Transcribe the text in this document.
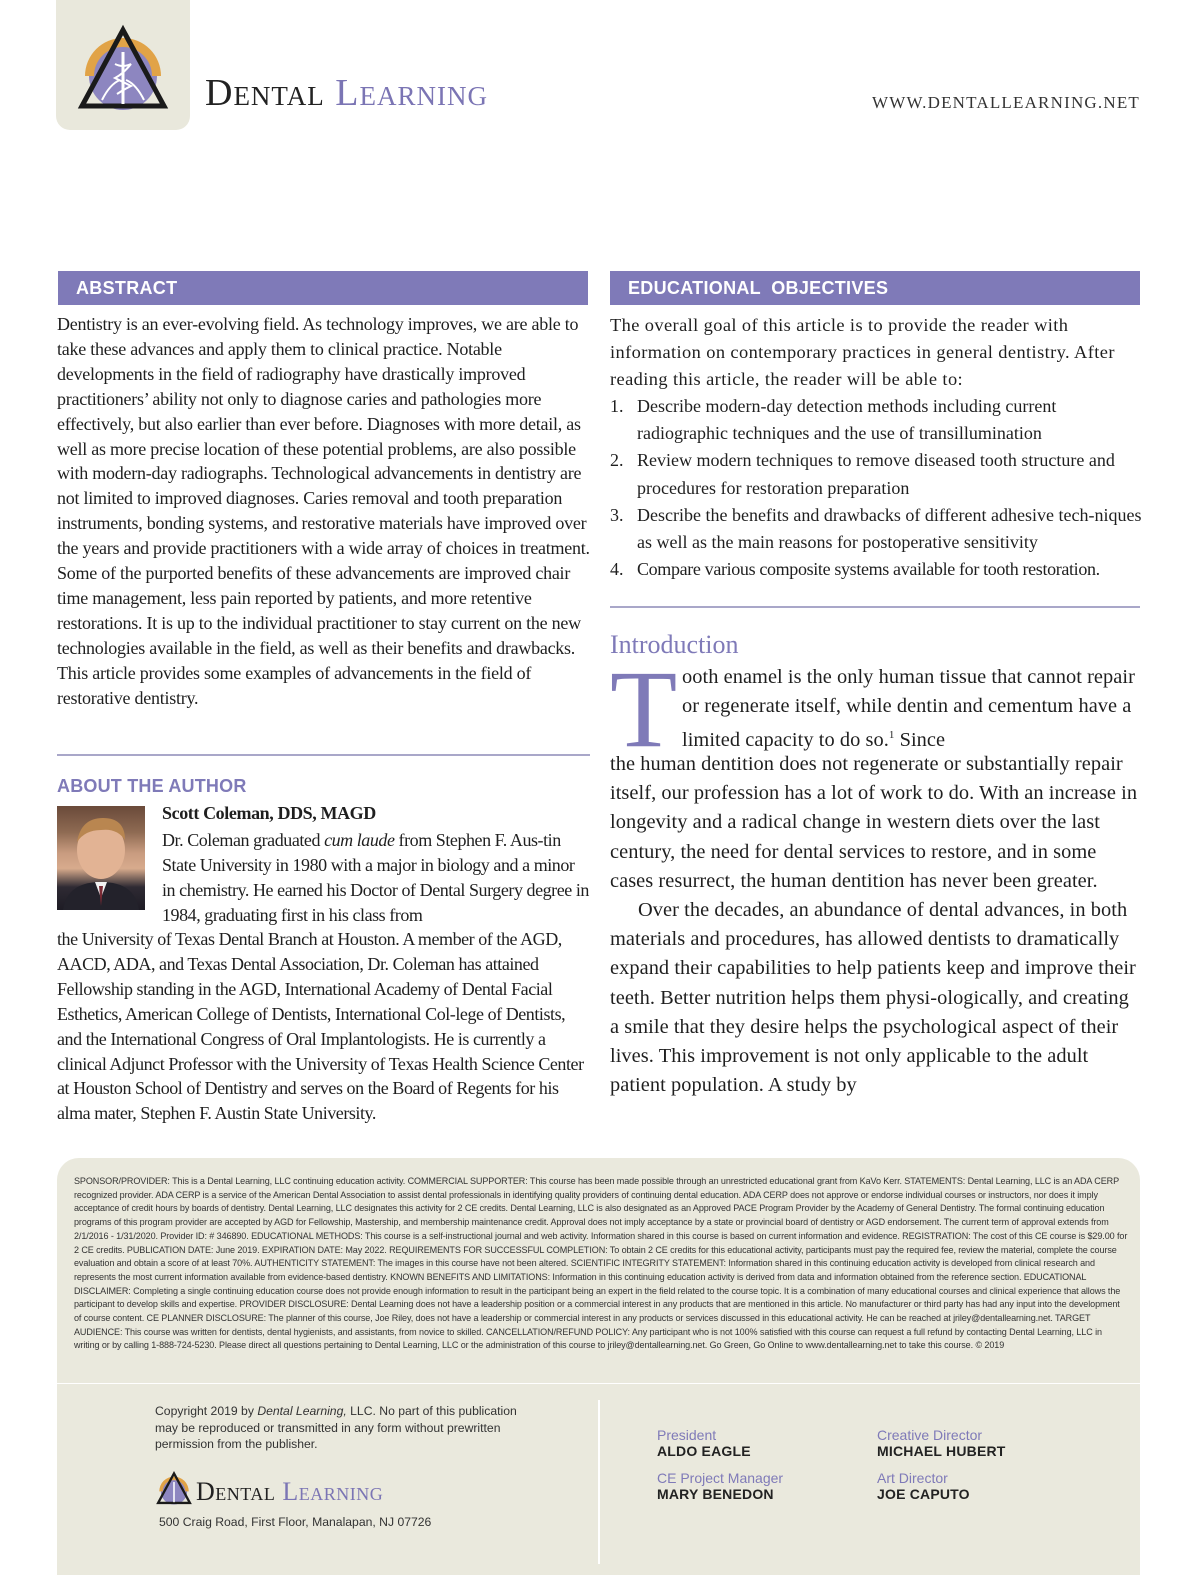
Dental Learning	WWW.DENTALLEARNING.NET
ABSTRACT	EDUCATIONAL  OBJECTIVES
Dentistry is an ever-evolving field. As technology improves, we are able to take these advances and apply them to clinical practice. Notable developments in the field of radiography have drastically improved practitioners’ ability not only to diagnose caries and pathologies more effectively, but also earlier than ever before. Diagnoses with more detail, as well as more precise location of these potential problems, are also possible with modern-day radiographs. Technological advancements in dentistry are not limited to improved diagnoses. Caries removal and tooth preparation instruments, bonding systems, and restorative materials have improved over the years and provide practitioners with a wide array of choices in treatment. Some of the purported benefits of these advancements are improved chair time management, less pain reported by patients, and more retentive restorations. It is up to the individual practitioner to stay current on the new technologies available in the field, as well as their benefits and drawbacks. This article provides some examples of advancements in the field of restorative dentistry.
The overall goal of this article is to provide the reader with information on contemporary practices in general dentistry. After reading this article, the reader will be able to:
1. Describe modern-day detection methods including current radiographic techniques and the use of transillumination
2. Review modern techniques to remove diseased tooth structure and procedures for restoration preparation
3. Describe the benefits and drawbacks of different adhesive tech-niques as well as the main reasons for postoperative sensitivity
4. Compare various composite systems available for tooth restoration.
ABOUT THE AUTHOR
Scott Coleman, DDS, MAGD
Dr. Coleman graduated cum laude from Stephen F. Aus-tin State University in 1980 with a major in biology and a minor in chemistry. He earned his Doctor of Dental Surgery degree in 1984, graduating first in his class from
the University of Texas Dental Branch at Houston. A member of the AGD, AACD, ADA, and Texas Dental Association, Dr. Coleman has attained Fellowship standing in the AGD, International Academy of Dental Facial Esthetics, American College of Dentists, International Col-lege of Dentists, and the International Congress of Oral Implantologists. He is currently a clinical Adjunct Professor with the University of Texas Health Science Center at Houston School of Dentistry and serves on the Board of Regents for his alma mater, Stephen F. Austin State University.
Introduction
T ooth enamel is the only human tissue that cannot repair or regenerate itself, while dentin and cementum have a limited capacity to do so.$^1$ Since

the human dentition does not regenerate or substantially repair itself, our profession has a lot of work to do. With an increase in longevity and a radical change in western diets over the last century, the need for dental services to restore, and in some cases resurrect, the human dentition has never been greater.

Over the decades, an abundance of dental advances, in both materials and procedures, has allowed dentists to dramatically expand their capabilities to help patients keep and improve their teeth. Better nutrition helps them physi-ologically, and creating a smile that they desire helps the psychological aspect of their lives. This improvement is not only applicable to the adult patient population. A study by

SPONSOR/PROVIDER: This is a Dental Learning, LLC continuing education activity. COMMERCIAL SUPPORTER: This course has been made possible through an unrestricted educational grant from KaVo Kerr. STATEMENTS: Dental Learning, LLC is an ADA CERP recognized provider. ADA CERP is a service of the American Dental Association to assist dental professionals in identifying quality providers of continuing dental education. ADA CERP does not approve or endorse individual courses or instructors, nor does it imply acceptance of credit hours by boards of dentistry. Dental Learning, LLC designates this activity for 2 CE credits. Dental Learning, LLC is also designated as an Approved PACE Program Provider by the Academy of General Dentistry. The formal continuing education programs of this program provider are accepted by AGD for Fellowship, Mastership, and membership maintenance credit. Approval does not imply acceptance by a state or provincial board of dentistry or AGD endorsement. The current term of approval extends from 2/1/2016 - 1/31/2020. Provider ID: # 346890. EDUCATIONAL METHODS: This course is a self-instructional journal and web activity. Information shared in this course is based on current information and evidence. REGISTRATION: The cost of this CE course is $29.00 for 2 CE credits. PUBLICATION DATE: June 2019. EXPIRATION DATE: May 2022. REQUIREMENTS FOR SUCCESSFUL COMPLETION: To obtain 2 CE credits for this educational activity, participants must pay the required fee, review the material, complete the course evaluation and obtain a score of at least 70%. AUTHENTICITY STATEMENT: The images in this course have not been altered. SCIENTIFIC INTEGRITY STATEMENT: Information shared in this continuing education activity is developed from clinical research and represents the most current information available from evidence-based dentistry. KNOWN BENEFITS AND LIMITATIONS: Information in this continuing education activity is derived from data and information obtained from the reference section. EDUCATIONAL DISCLAIMER: Completing a single continuing education course does not provide enough information to result in the participant being an expert in the field related to the course topic. It is a combination of many educational courses and clinical experience that allows the participant to develop skills and expertise. PROVIDER DISCLOSURE: Dental Learning does not have a leadership position or a commercial interest in any products that are mentioned in this article. No manufacturer or third party has had any input into the development of course content. CE PLANNER DISCLOSURE: The planner of this course, Joe Riley, does not have a leadership or commercial interest in any products or services discussed in this educational activity. He can be reached at jriley@dentallearning.net. TARGET AUDIENCE: This course was written for dentists, dental hygienists, and assistants, from novice to skilled. CANCELLATION/REFUND POLICY: Any participant who is not 100% satisfied with this course can request a full refund by contacting Dental Learning, LLC in writing or by calling 1-888-724-5230. Please direct all questions pertaining to Dental Learning, LLC or the administration of this course to jriley@dentallearning.net. Go Green, Go Online to www.dentallearning.net to take this course. © 2019
Copyright 2019 by Dental Learning, LLC. No part of this publication may be reproduced or transmitted in any form without prewritten permission from the publisher.
Dental Learning
500 Craig Road, First Floor, Manalapan, NJ 07726
President
ALDO EAGLE
Creative Director
MICHAEL HUBERT
CE Project Manager
MARY BENEDON
Art Director
JOE CAPUTO
